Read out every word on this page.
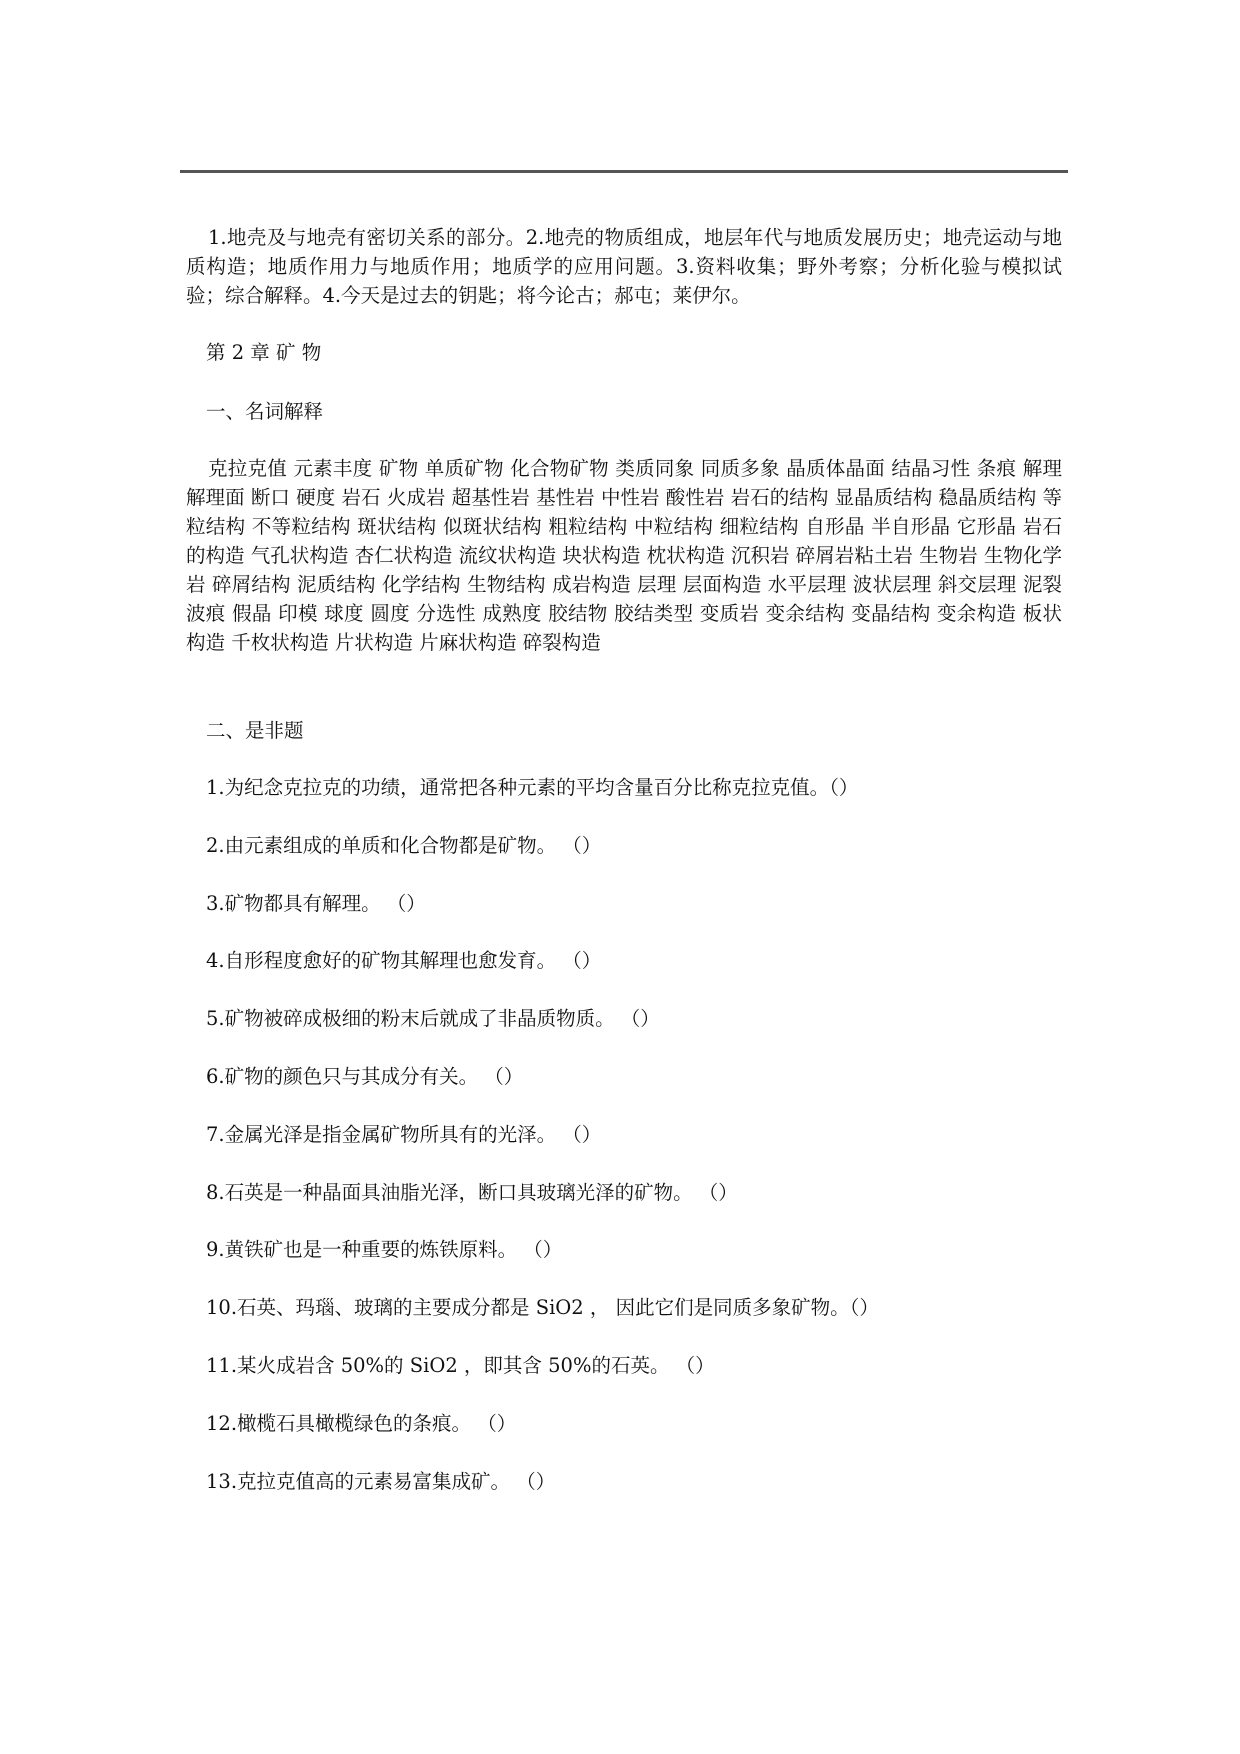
1.地壳及与地壳有密切关系的部分。2.地壳的物质组成，地层年代与地质发展历史；地壳运动与地质构造；地质作用力与地质作用；地质学的应用问题。3.资料收集；野外考察；分析化验与模拟试验；综合解释。4.今天是过去的钥匙；将今论古；郝屯；莱伊尔。
第 2 章 矿 物
一、名词解释
克拉克值 元素丰度 矿物 单质矿物 化合物矿物 类质同象 同质多象 晶质体晶面 结晶习性 条痕 解理 解理面 断口 硬度 岩石 火成岩 超基性岩 基性岩 中性岩 酸性岩 岩石的结构 显晶质结构 稳晶质结构 等粒结构 不等粒结构 斑状结构 似斑状结构 粗粒结构 中粒结构 细粒结构 自形晶 半自形晶 它形晶 岩石的构造 气孔状构造 杏仁状构造 流纹状构造 块状构造 枕状构造 沉积岩 碎屑岩粘土岩 生物岩 生物化学岩 碎屑结构 泥质结构 化学结构 生物结构 成岩构造 层理 层面构造 水平层理 波状层理 斜交层理 泥裂 波痕 假晶 印模 球度 圆度 分选性 成熟度 胶结物 胶结类型 变质岩 变余结构 变晶结构 变余构造 板状构造 千枚状构造 片状构造 片麻状构造 碎裂构造
二、是非题
1.为纪念克拉克的功绩，通常把各种元素的平均含量百分比称克拉克值。（）
2.由元素组成的单质和化合物都是矿物。 （）
3.矿物都具有解理。 （）
4.自形程度愈好的矿物其解理也愈发育。 （）
5.矿物被碎成极细的粉末后就成了非晶质物质。 （）
6.矿物的颜色只与其成分有关。 （）
7.金属光泽是指金属矿物所具有的光泽。 （）
8.石英是一种晶面具油脂光泽，断口具玻璃光泽的矿物。 （）
9.黄铁矿也是一种重要的炼铁原料。 （）
10.石英、玛瑙、玻璃的主要成分都是 SiO2 ， 因此它们是同质多象矿物。（）
11.某火成岩含 50%的 SiO2 ，即其含 50%的石英。 （）
12.橄榄石具橄榄绿色的条痕。 （）
13.克拉克值高的元素易富集成矿。 （）
